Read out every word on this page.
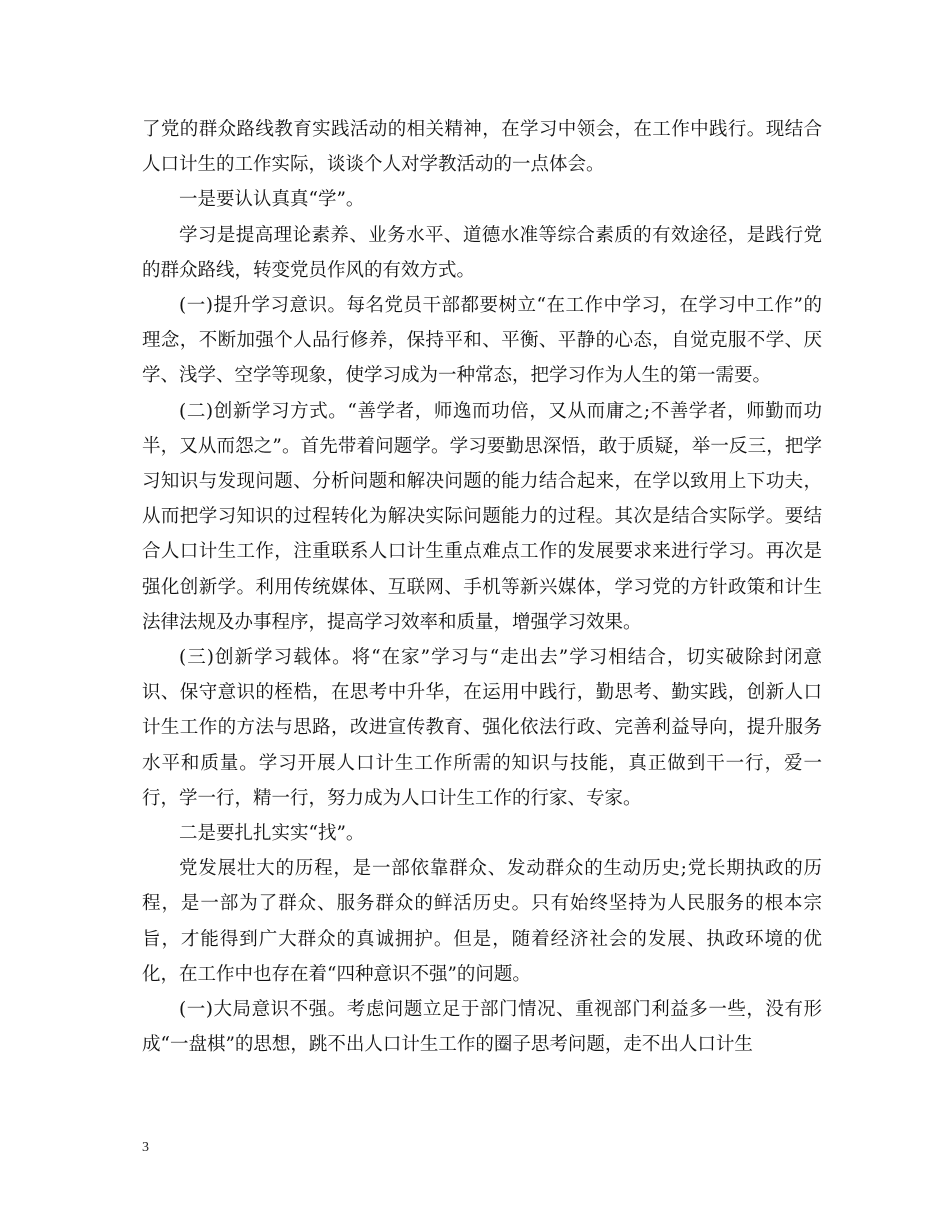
了党的群众路线教育实践活动的相关精神，在学习中领会，在工作中践行。现结合人口计生的工作实际，谈谈个人对学教活动的一点体会。

一是要认认真真“学”。

学习是提高理论素养、业务水平、道德水准等综合素质的有效途径，是践行党的群众路线，转变党员作风的有效方式。

(一)提升学习意识。每名党员干部都要树立“在工作中学习，在学习中工作”的理念，不断加强个人品行修养，保持平和、平衡、平静的心态，自觉克服不学、厌学、浅学、空学等现象，使学习成为一种常态，把学习作为人生的第一需要。

(二)创新学习方式。“善学者，师逸而功倍，又从而庸之;不善学者，师勤而功半，又从而怨之”。首先带着问题学。学习要勤思深悟，敢于质疑，举一反三，把学习知识与发现问题、分析问题和解决问题的能力结合起来，在学以致用上下功夫，从而把学习知识的过程转化为解决实际问题能力的过程。其次是结合实际学。要结合人口计生工作，注重联系人口计生重点难点工作的发展要求来进行学习。再次是强化创新学。利用传统媒体、互联网、手机等新兴媒体，学习党的方针政策和计生法律法规及办事程序，提高学习效率和质量，增强学习效果。

(三)创新学习载体。将“在家”学习与“走出去”学习相结合，切实破除封闭意识、保守意识的桎梏，在思考中升华，在运用中践行，勤思考、勤实践，创新人口计生工作的方法与思路，改进宣传教育、强化依法行政、完善利益导向，提升服务水平和质量。学习开展人口计生工作所需的知识与技能，真正做到干一行，爱一行，学一行，精一行，努力成为人口计生工作的行家、专家。

二是要扎扎实实“找”。

党发展壮大的历程，是一部依靠群众、发动群众的生动历史;党长期执政的历程，是一部为了群众、服务群众的鲜活历史。只有始终坚持为人民服务的根本宗旨，才能得到广大群众的真诚拥护。但是，随着经济社会的发展、执政环境的优化，在工作中也存在着“四种意识不强”的问题。

(一)大局意识不强。考虑问题立足于部门情况、重视部门利益多一些，没有形成“一盘棋”的思想，跳不出人口计生工作的圈子思考问题，走不出人口计生

3
